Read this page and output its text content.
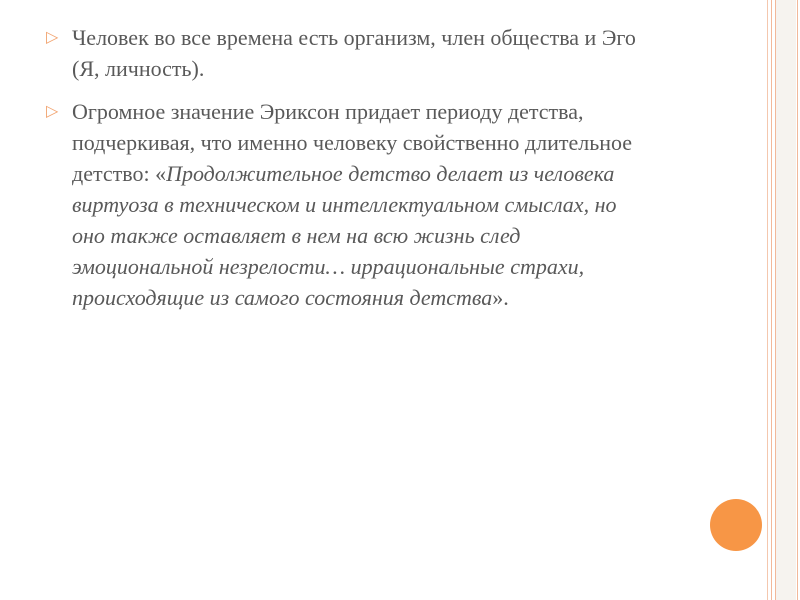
▷ Человек во все времена есть организм, член общества и Эго (Я, личность).
▷ Огромное значение Эриксон придает периоду детства, подчеркивая, что именно человеку свойственно длительное детство: «Продолжительное детство делает из человека виртуоза в техническом и интеллектуальном смыслах, но оно также оставляет в нем на всю жизнь след эмоциональной незрелости… иррациональные страхи, происходящие из самого состояния детства».
